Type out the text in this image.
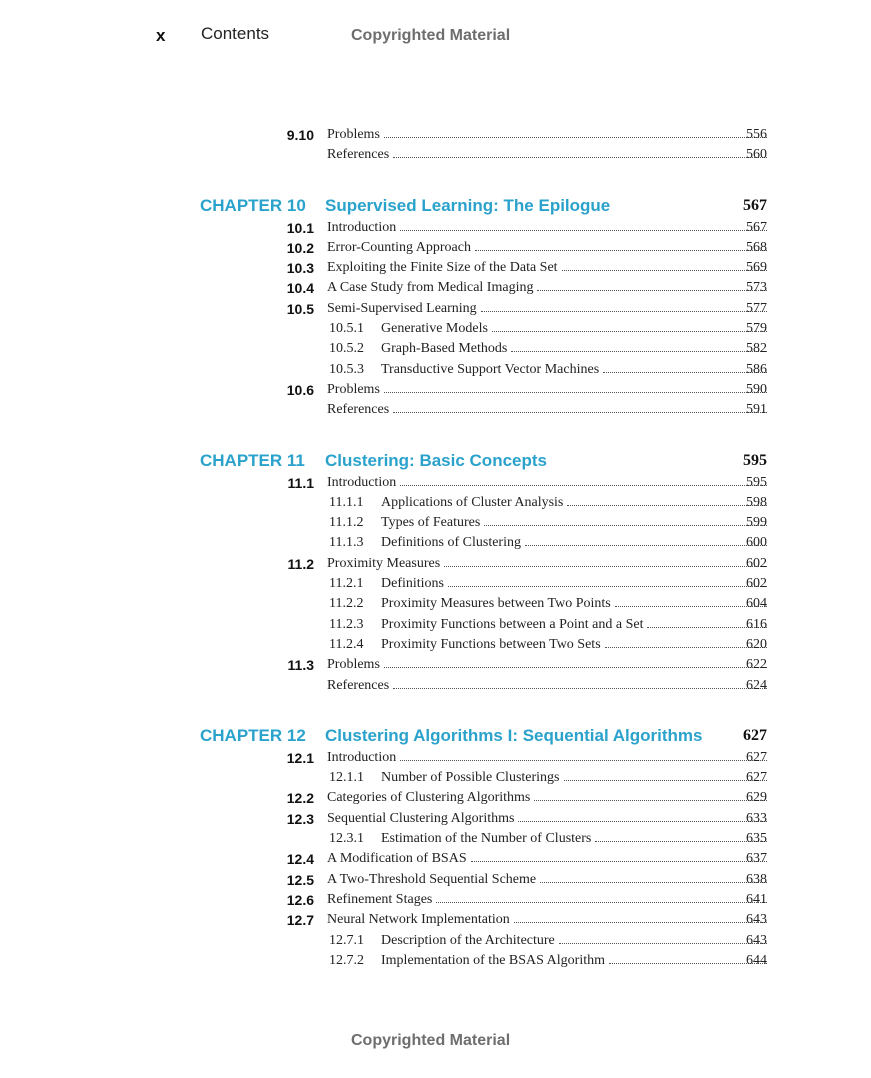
x Contents	Copyrighted Material
9.10 Problems	556
References	560
CHAPTER 10 Supervised Learning: The Epilogue	567
10.1 Introduction	567
10.2 Error-Counting Approach	568
10.3 Exploiting the Finite Size of the Data Set	569
10.4 A Case Study from Medical Imaging	573
10.5 Semi-Supervised Learning	577
10.5.1	Generative Models	579
10.5.2	Graph-Based Methods	582
10.5.3	Transductive Support Vector Machines	586
10.6 Problems	590
References	591
CHAPTER 11 Clustering: Basic Concepts	595
11.1 Introduction	595
11.1.1	Applications of Cluster Analysis	598
11.1.2	Types of Features	599
11.1.3	Definitions of Clustering	600
11.2 Proximity Measures	602
11.2.1	Definitions	602
11.2.2	Proximity Measures between Two Points	604
11.2.3	Proximity Functions between a Point and a Set	616
11.2.4	Proximity Functions between Two Sets	620
11.3 Problems	622
References	624
CHAPTER 12 Clustering Algorithms I: Sequential Algorithms	627
12.1 Introduction	627
12.1.1	Number of Possible Clusterings	627
12.2 Categories of Clustering Algorithms	629
12.3 Sequential Clustering Algorithms	633
12.3.1	Estimation of the Number of Clusters	635
12.4 A Modification of BSAS	637
12.5 A Two-Threshold Sequential Scheme	638
12.6 Refinement Stages	641
12.7 Neural Network Implementation	643
12.7.1	Description of the Architecture	643
12.7.2	Implementation of the BSAS Algorithm	644
Copyrighted Material
